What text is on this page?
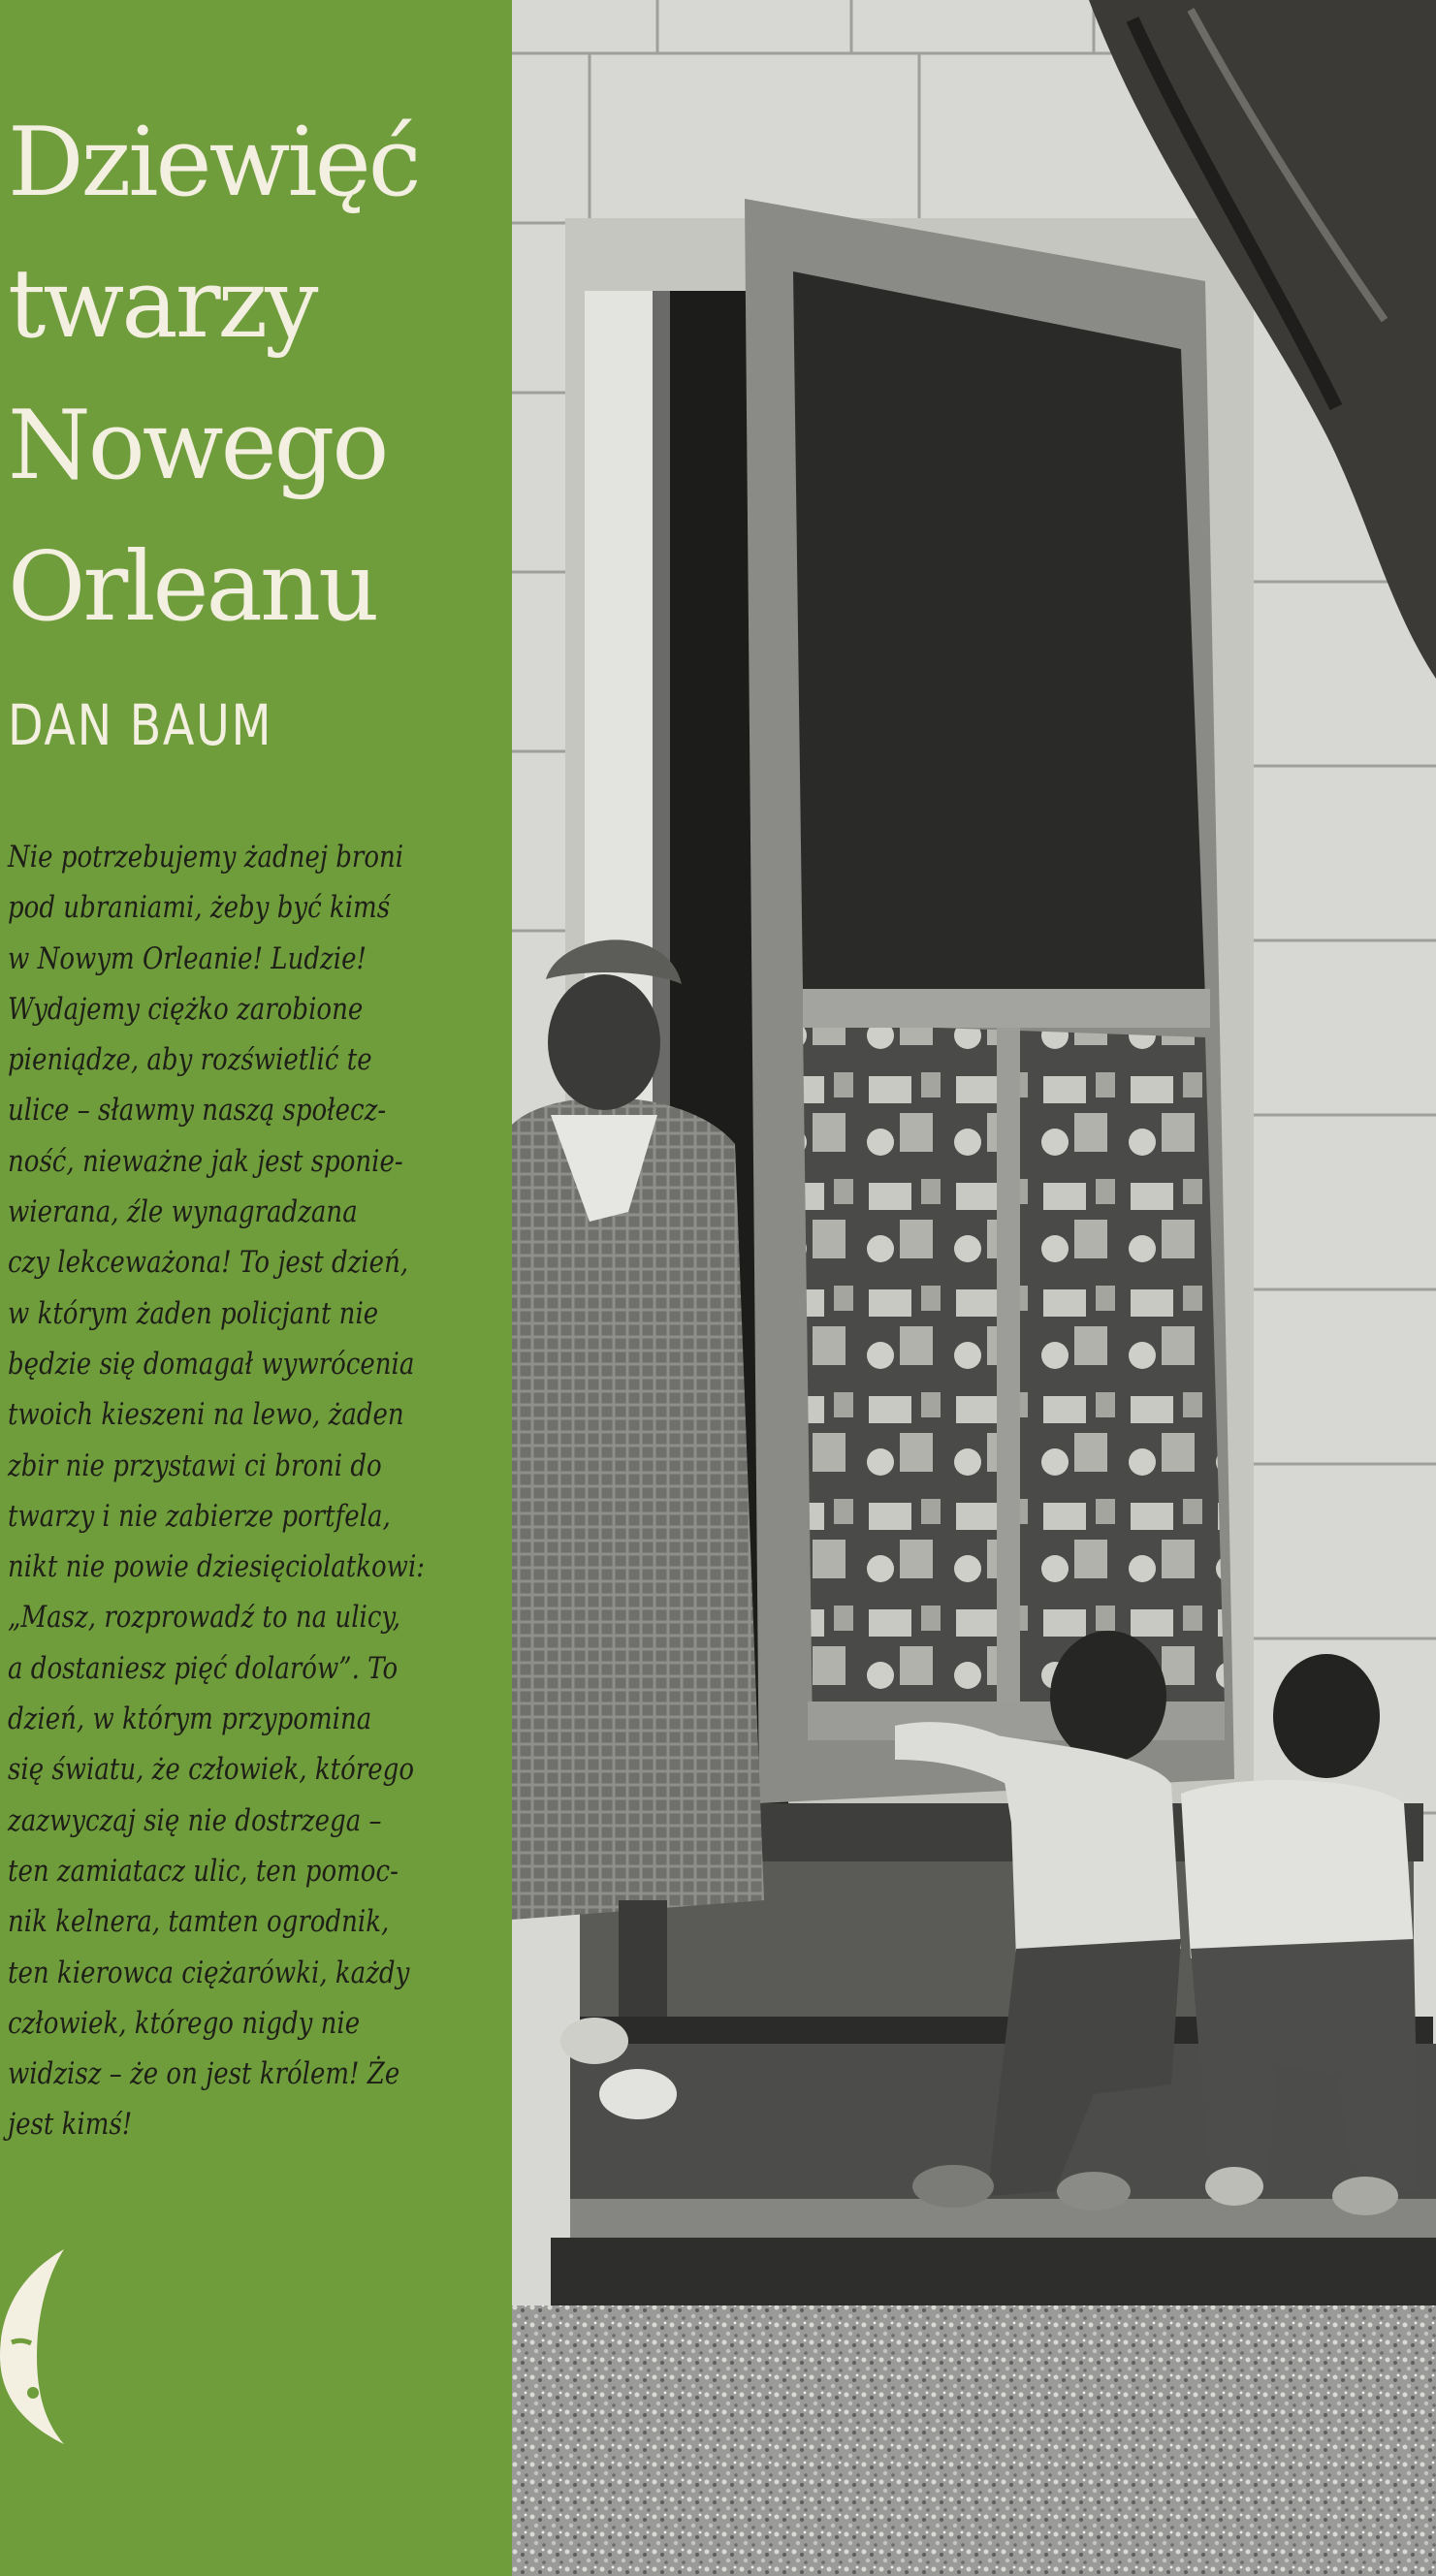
Dziewięć
twarzy
Nowego
Orleanu
DAN BAUM

Nie potrzebujemy żadnej broni
pod ubraniami, żeby być kimś
w Nowym Orleanie! Ludzie!
Wydajemy ciężko zarobione
pieniądze, aby rozświetlić te
ulice – sławmy naszą społecz-
ność, nieważne jak jest sponie-
wierana, źle wynagradzana
czy lekceważona! To jest dzień,
w którym żaden policjant nie
będzie się domagał wywrócenia
twoich kieszeni na lewo, żaden
zbir nie przystawi ci broni do
twarzy i nie zabierze portfela,
nikt nie powie dziesięciolatkowi:
„Masz, rozprowadź to na ulicy,
a dostaniesz pięć dolarów”. To
dzień, w którym przypomina
się światu, że człowiek, którego
zazwyczaj się nie dostrzega –
ten zamiatacz ulic, ten pomoc-
nik kelnera, tamten ogrodnik,
ten kierowca ciężarówki, każdy
człowiek, którego nigdy nie
widzisz – że on jest królem! Że
jest kimś!
